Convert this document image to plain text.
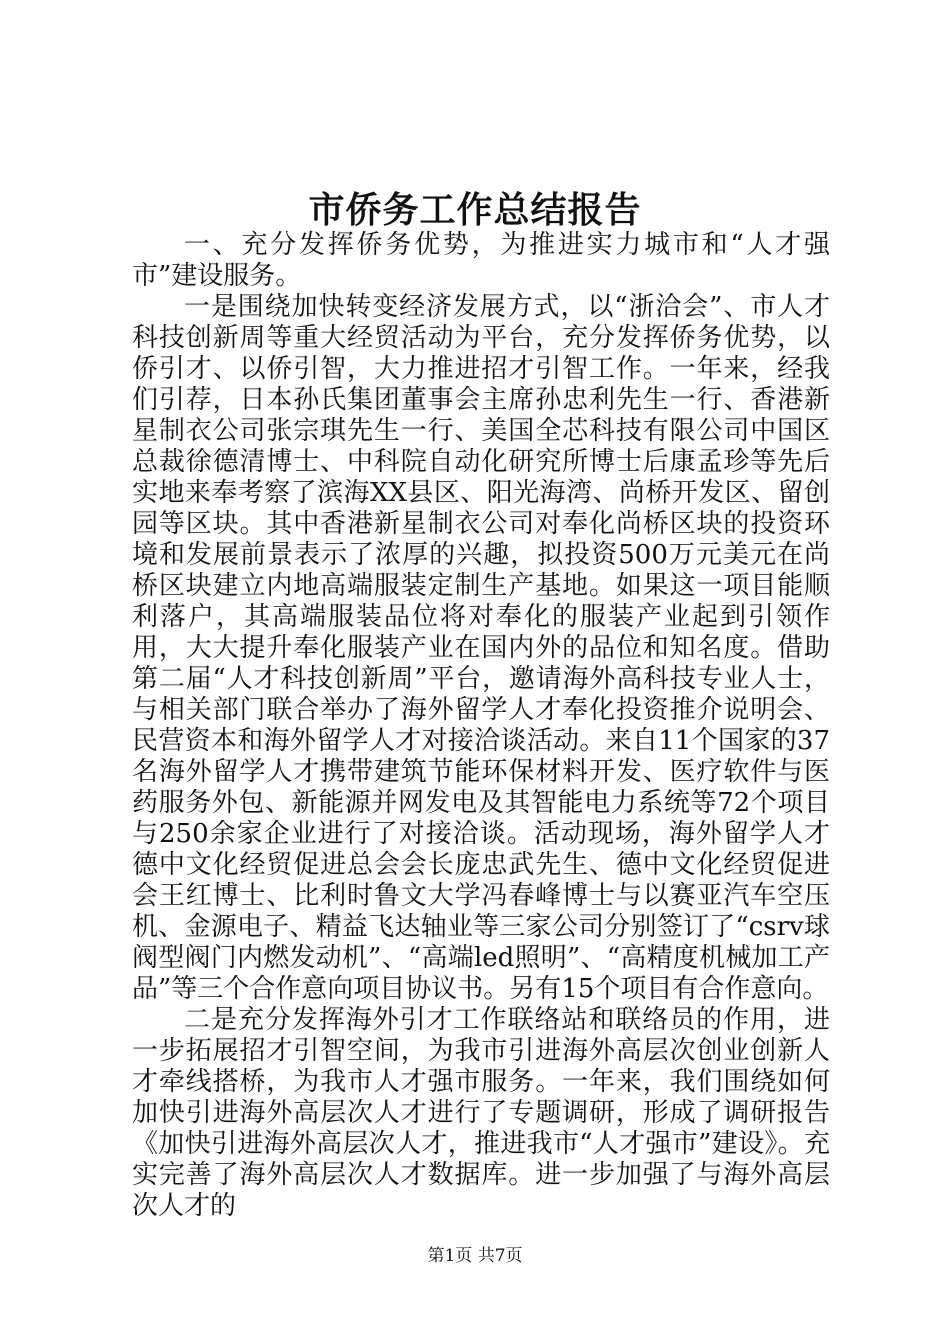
市侨务工作总结报告

一、充分发挥侨务优势，为推进实力城市和“人才强市”建设服务。

一是围绕加快转变经济发展方式，以“浙洽会”、市人才科技创新周等重大经贸活动为平台，充分发挥侨务优势，以侨引才、以侨引智，大力推进招才引智工作。一年来，经我们引荐，日本孙氏集团董事会主席孙忠利先生一行、香港新星制衣公司张宗琪先生一行、美国全芯科技有限公司中国区总裁徐德清博士、中科院自动化研究所博士后康孟珍等先后实地来奉考察了滨海XX县区、阳光海湾、尚桥开发区、留创园等区块。其中香港新星制衣公司对奉化尚桥区块的投资环境和发展前景表示了浓厚的兴趣，拟投资500万元美元在尚桥区块建立内地高端服装定制生产基地。如果这一项目能顺利落户，其高端服装品位将对奉化的服装产业起到引领作用，大大提升奉化服装产业在国内外的品位和知名度。借助第二届“人才科技创新周”平台，邀请海外高科技专业人士，与相关部门联合举办了海外留学人才奉化投资推介说明会、民营资本和海外留学人才对接洽谈活动。来自11个国家的37名海外留学人才携带建筑节能环保材料开发、医疗软件与医药服务外包、新能源并网发电及其智能电力系统等72个项目与250余家企业进行了对接洽谈。活动现场，海外留学人才德中文化经贸促进总会会长庞忠武先生、德中文化经贸促进会王红博士、比利时鲁文大学冯春峰博士与以赛亚汽车空压机、金源电子、精益飞达轴业等三家公司分别签订了“csrv球阀型阀门内燃发动机”、“高端led照明”、“高精度机械加工产品”等三个合作意向项目协议书。另有15个项目有合作意向。

二是充分发挥海外引才工作联络站和联络员的作用，进一步拓展招才引智空间，为我市引进海外高层次创业创新人才牵线搭桥，为我市人才强市服务。一年来，我们围绕如何加快引进海外高层次人才进行了专题调研，形成了调研报告《加快引进海外高层次人才，推进我市“人才强市”建设》。充实完善了海外高层次人才数据库。进一步加强了与海外高层次人才的

第1页 共7页
